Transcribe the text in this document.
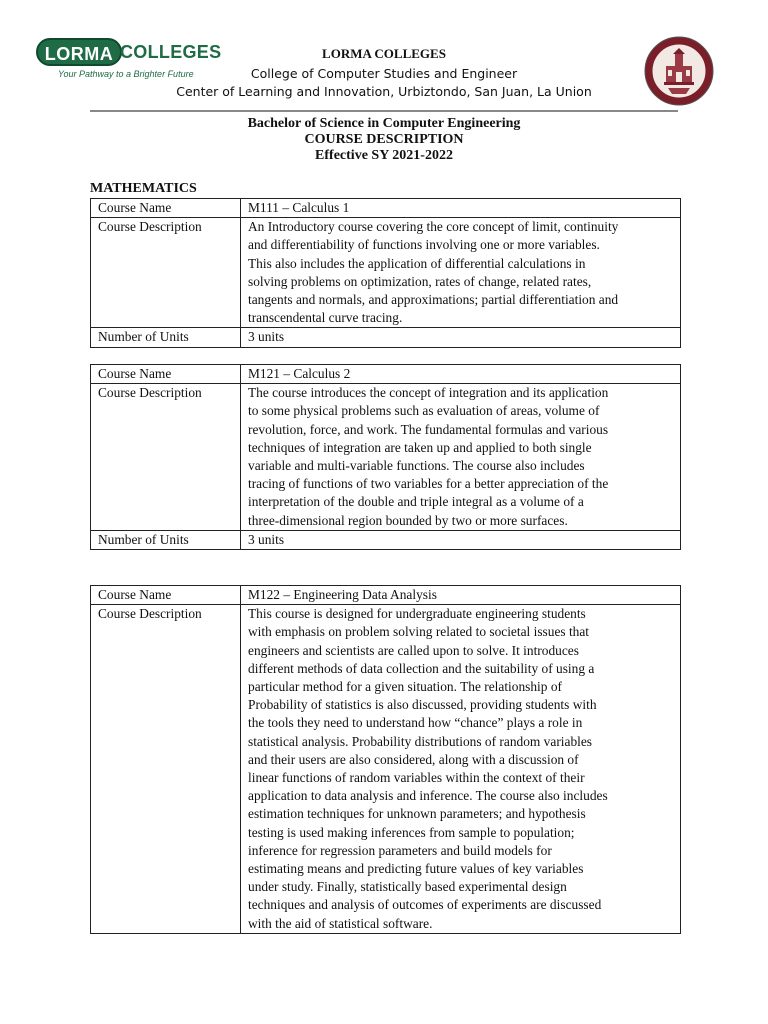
LORMA COLLEGES
Your Pathway to a Brighter Future
LORMA COLLEGES
College of Computer Studies and Engineer
Center of Learning and Innovation, Urbiztondo, San Juan, La Union
Bachelor of Science in Computer Engineering
COURSE DESCRIPTION
Effective SY 2021-2022
MATHEMATICS
Course Name	M111 – Calculus 1
Course Description	An Introductory course covering the core concept of limit, continuity and differentiability of functions involving one or more variables. This also includes the application of differential calculations in solving problems on optimization, rates of change, related rates, tangents and normals, and approximations; partial differentiation and transcendental curve tracing.
Number of Units	3 units
Course Name	M121 – Calculus 2
Course Description	The course introduces the concept of integration and its application to some physical problems such as evaluation of areas, volume of revolution, force, and work. The fundamental formulas and various techniques of integration are taken up and applied to both single variable and multi-variable functions. The course also includes tracing of functions of two variables for a better appreciation of the interpretation of the double and triple integral as a volume of a three-dimensional region bounded by two or more surfaces.
Number of Units	3 units
Course Name	M122 – Engineering Data Analysis
Course Description	This course is designed for undergraduate engineering students with emphasis on problem solving related to societal issues that engineers and scientists are called upon to solve. It introduces different methods of data collection and the suitability of using a particular method for a given situation. The relationship of Probability of statistics is also discussed, providing students with the tools they need to understand how “chance” plays a role in statistical analysis. Probability distributions of random variables and their users are also considered, along with a discussion of linear functions of random variables within the context of their application to data analysis and inference. The course also includes estimation techniques for unknown parameters; and hypothesis testing is used making inferences from sample to population; inference for regression parameters and build models for estimating means and predicting future values of key variables under study. Finally, statistically based experimental design techniques and analysis of outcomes of experiments are discussed with the aid of statistical software.
